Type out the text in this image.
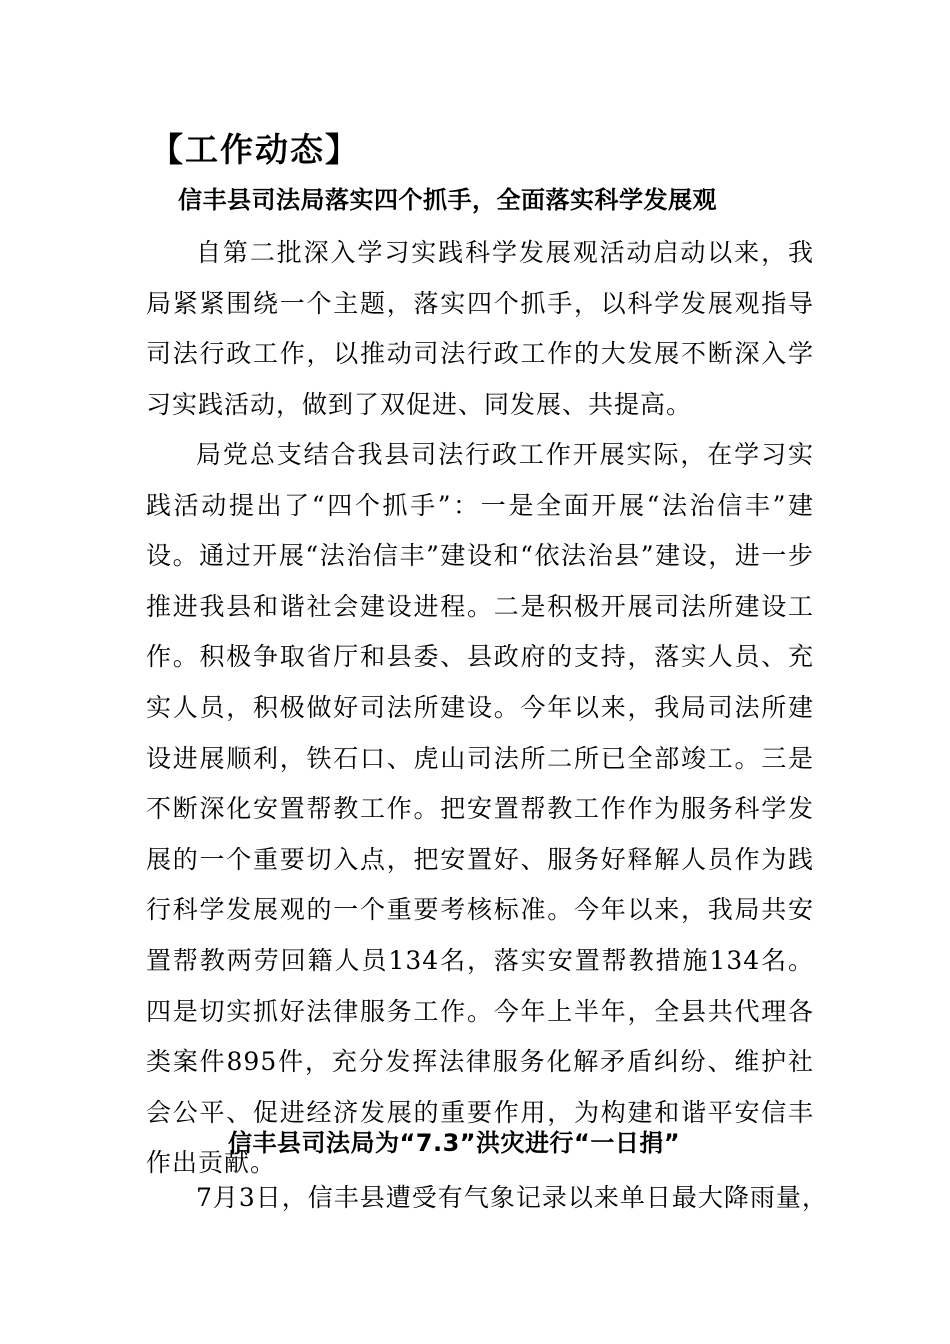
【工作动态】
信丰县司法局落实四个抓手，全面落实科学发展观

自第二批深入学习实践科学发展观活动启动以来，我局紧紧围绕一个主题，落实四个抓手，以科学发展观指导司法行政工作，以推动司法行政工作的大发展不断深入学习实践活动，做到了双促进、同发展、共提高。

局党总支结合我县司法行政工作开展实际，在学习实践活动提出了“四个抓手”：一是全面开展“法治信丰”建设。通过开展“法治信丰”建设和“依法治县”建设，进一步推进我县和谐社会建设进程。二是积极开展司法所建设工作。积极争取省厅和县委、县政府的支持，落实人员、充实人员，积极做好司法所建设。今年以来，我局司法所建设进展顺利，铁石口、虎山司法所二所已全部竣工。三是不断深化安置帮教工作。把安置帮教工作作为服务科学发展的一个重要切入点，把安置好、服务好释解人员作为践行科学发展观的一个重要考核标准。今年以来，我局共安置帮教两劳回籍人员134名，落实安置帮教措施134名。四是切实抓好法律服务工作。今年上半年，全县共代理各类案件895件，充分发挥法律服务化解矛盾纠纷、维护社会公平、促进经济发展的重要作用，为构建和谐平安信丰作出贡献。

信丰县司法局为“7.3”洪灾进行“一日捐”

7月3日，信丰县遭受有气象记录以来单日最大降雨量，
